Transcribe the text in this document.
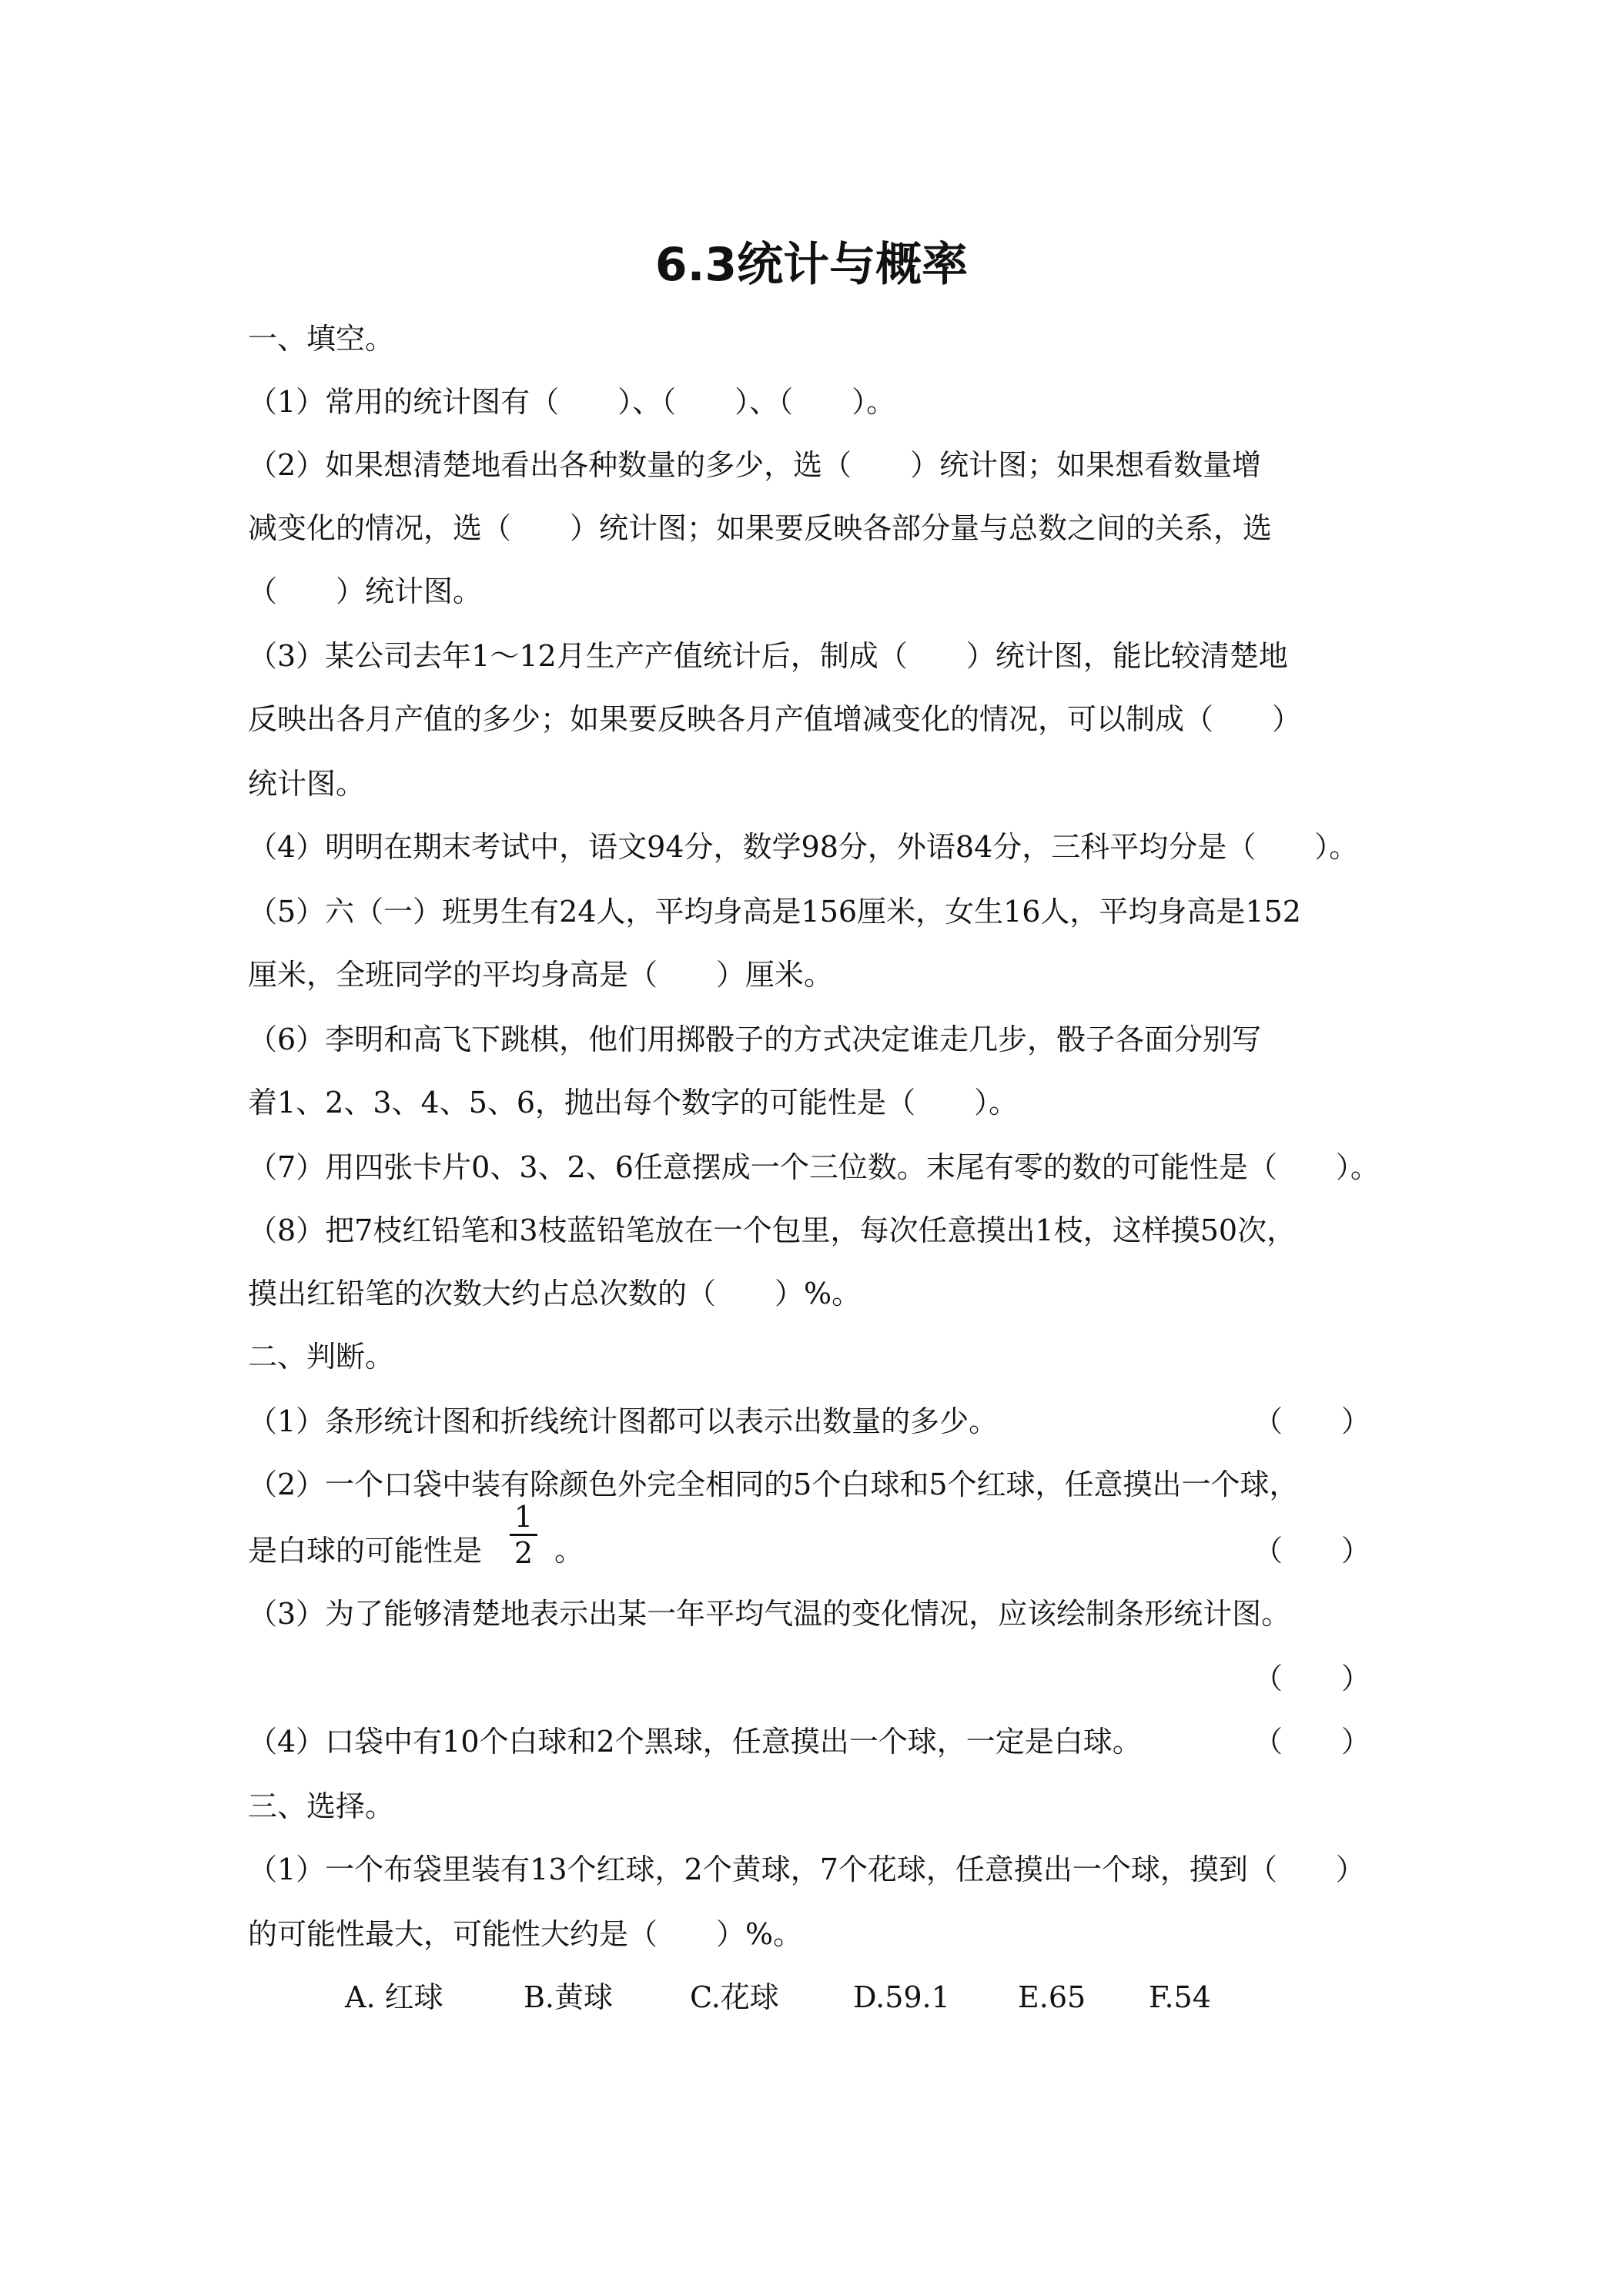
6.3统计与概率
一、填空。
（1）常用的统计图有（　　）、（　　）、（　　）。
（2）如果想清楚地看出各种数量的多少，选（　　）统计图；如果想看数量增
减变化的情况，选（　　）统计图；如果要反映各部分量与总数之间的关系，选
（　　）统计图。
（3）某公司去年1～12月生产产值统计后，制成（　　）统计图，能比较清楚地
反映出各月产值的多少；如果要反映各月产值增减变化的情况，可以制成（　　）
统计图。
（4）明明在期末考试中，语文94分，数学98分，外语84分，三科平均分是（　　）。
（5）六（一）班男生有24人，平均身高是156厘米，女生16人，平均身高是152
厘米，全班同学的平均身高是（　　）厘米。
（6）李明和高飞下跳棋，他们用掷骰子的方式决定谁走几步，骰子各面分别写
着1、2、3、4、5、6，抛出每个数字的可能性是（　　）。
（7）用四张卡片0、3、2、6任意摆成一个三位数。末尾有零的数的可能性是（　　）。
（8）把7枝红铅笔和3枝蓝铅笔放在一个包里，每次任意摸出1枝，这样摸50次，
摸出红铅笔的次数大约占总次数的（　　）%。
二、判断。
（1）条形统计图和折线统计图都可以表示出数量的多少。	（　　）
（2）一个口袋中装有除颜色外完全相同的5个白球和5个红球，任意摸出一个球，
是白球的可能性是
1
2 。	（　　）
（3）为了能够清楚地表示出某一年平均气温的变化情况，应该绘制条形统计图。
（　　）
（4）口袋中有10个白球和2个黑球，任意摸出一个球，一定是白球。	（　　）
三、选择。
（1）一个布袋里装有13个红球，2个黄球，7个花球，任意摸出一个球，摸到（　　）
的可能性最大，可能性大约是（　　）%。
A. 红球	B.黄球	C.花球	D.59.1 E.65 F.54
